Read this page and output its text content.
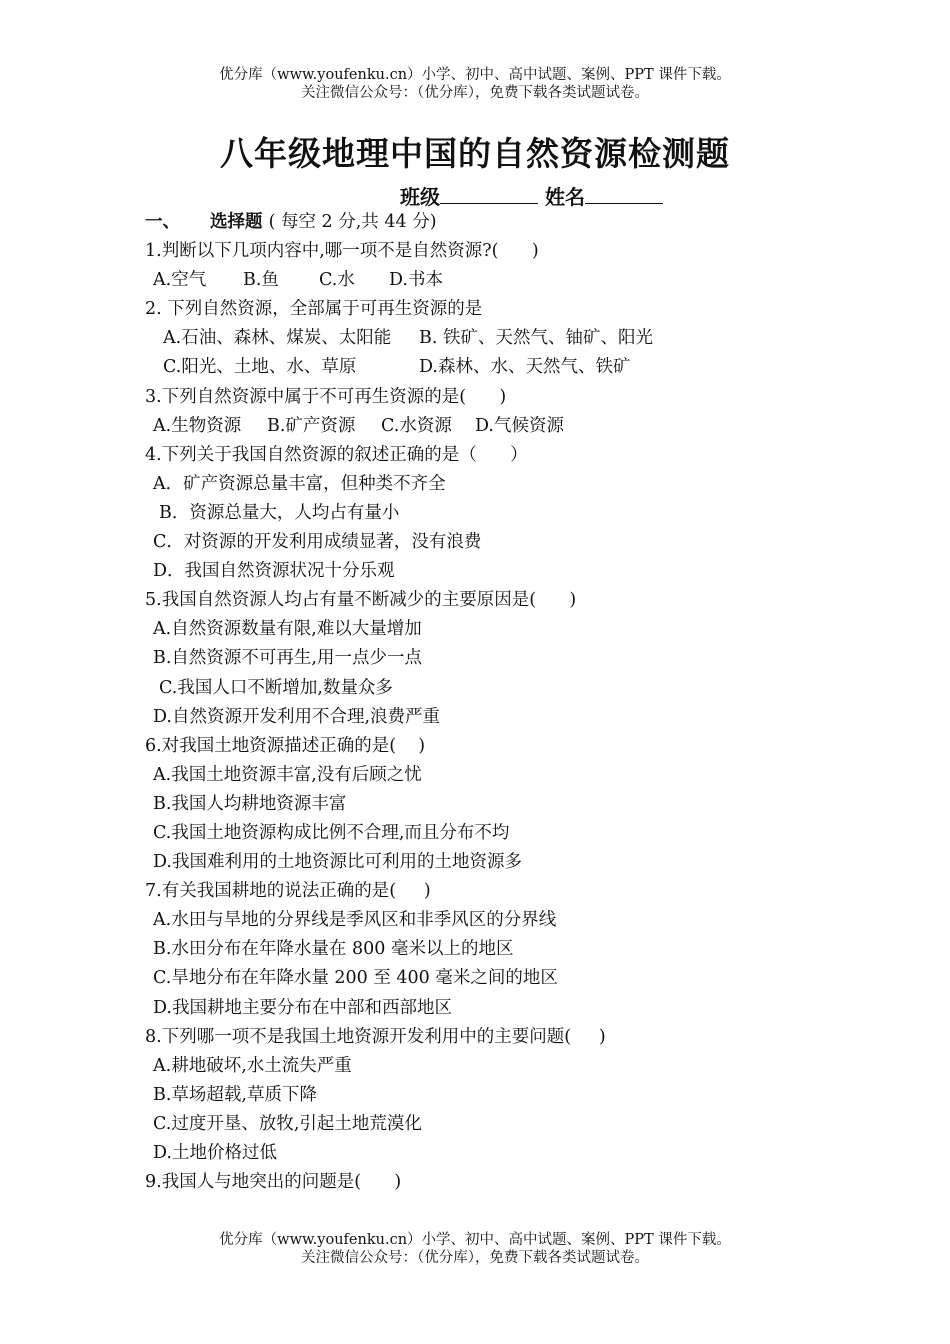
优分库（www.youfenku.cn）小学、初中、高中试题、案例、PPT 课件下载。
关注微信公众号：（优分库），免费下载各类试题试卷。
八年级地理中国的自然资源检测题
班级	姓名
一、 选择题 ( 每空 2 分,共 44 分)
1.判断以下几项内容中,哪一项不是自然资源?(      )
A.空气 B.鱼 C.水 D.书本
2. 下列自然资源，全部属于可再生资源的是
A.石油、森林、煤炭、太阳能 B. 铁矿、天然气、铀矿、阳光
C.阳光、土地、水、草原	D.森林、水、天然气、铁矿
3.下列自然资源中属于不可再生资源的是(      )
A.生物资源 B.矿产资源 C.水资源 D.气候资源
4.下列关于我国自然资源的叙述正确的是（      ）
A．矿产资源总量丰富，但种类不齐全
B．资源总量大，人均占有量小
C．对资源的开发利用成绩显著，没有浪费
D．我国自然资源状况十分乐观
5.我国自然资源人均占有量不断减少的主要原因是(      )
A.自然资源数量有限,难以大量增加
B.自然资源不可再生,用一点少一点
C.我国人口不断增加,数量众多
D.自然资源开发利用不合理,浪费严重
6.对我国土地资源描述正确的是(    )
A.我国土地资源丰富,没有后顾之忧
B.我国人均耕地资源丰富
C.我国土地资源构成比例不合理,而且分布不均
D.我国难利用的土地资源比可利用的土地资源多
7.有关我国耕地的说法正确的是(     )
A.水田与旱地的分界线是季风区和非季风区的分界线
B.水田分布在年降水量在 800 毫米以上的地区
C.旱地分布在年降水量 200 至 400 毫米之间的地区
D.我国耕地主要分布在中部和西部地区
8.下列哪一项不是我国土地资源开发利用中的主要问题(     )
A.耕地破坏,水土流失严重
B.草场超载,草质下降
C.过度开垦、放牧,引起土地荒漠化
D.土地价格过低
9.我国人与地突出的问题是(      )
优分库（www.youfenku.cn）小学、初中、高中试题、案例、PPT 课件下载。
关注微信公众号：（优分库），免费下载各类试题试卷。
